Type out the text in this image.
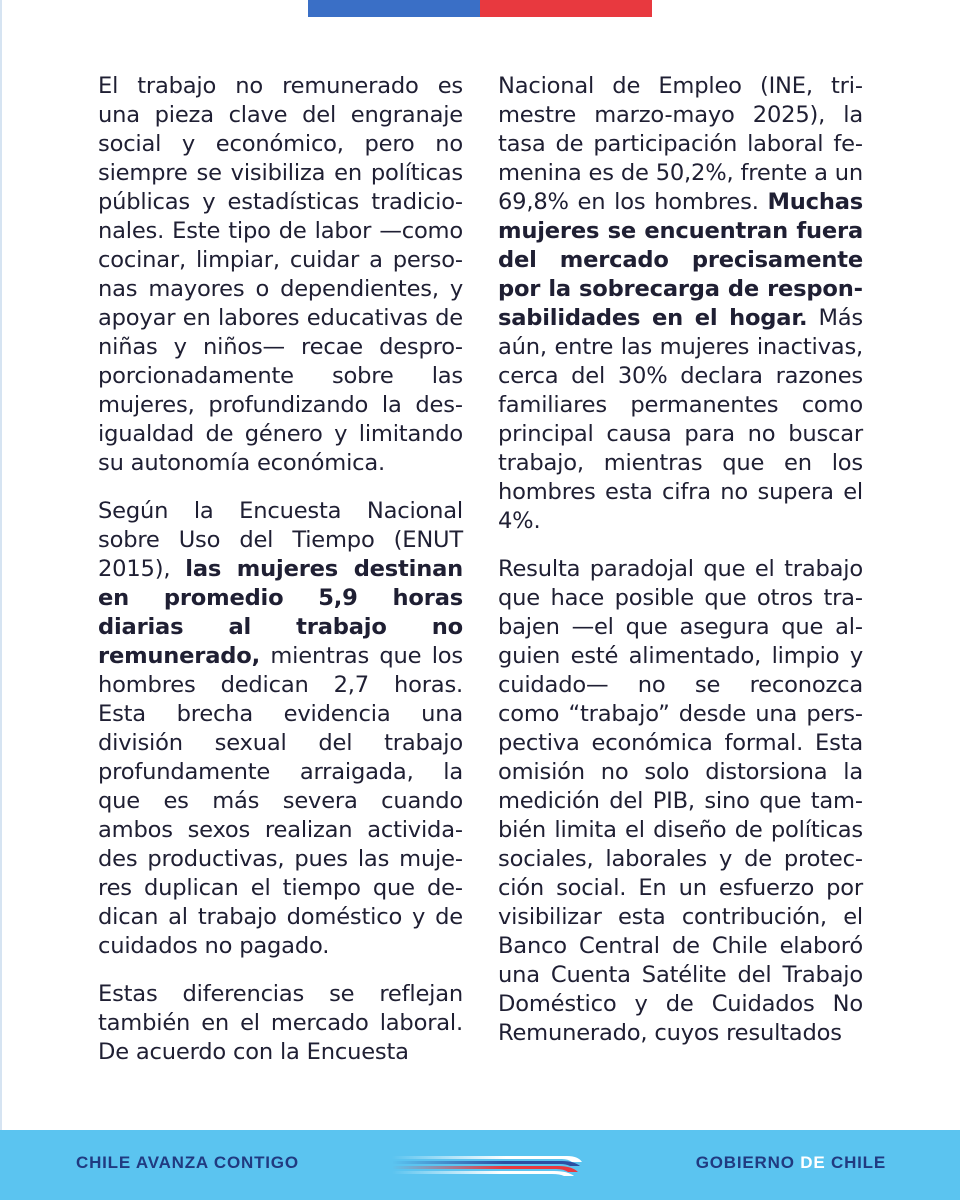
El trabajo no remunerado es una pieza clave del engranaje social y económico, pero no siempre se visibiliza en políticas públicas y estadísticas tradicionales. Este tipo de labor —como cocinar, limpiar, cuidar a personas mayores o dependientes, y apoyar en labores educativas de niñas y niños— recae desproporcionadamente sobre las mujeres, profundizando la desigualdad de género y limitando su autonomía económica.

Según la Encuesta Nacional sobre Uso del Tiempo (ENUT 2015), las mujeres destinan en promedio 5,9 horas diarias al trabajo no remunerado, mientras que los hombres dedican 2,7 horas. Esta brecha evidencia una división sexual del trabajo profundamente arraigada, la que es más severa cuando ambos sexos realizan actividades productivas, pues las mujeres duplican el tiempo que dedican al trabajo doméstico y de cuidados no pagado.

Estas diferencias se reflejan también en el mercado laboral. De acuerdo con la Encuesta

Nacional de Empleo (INE, trimestre marzo-mayo 2025), la tasa de participación laboral femenina es de 50,2%, frente a un 69,8% en los hombres. Muchas mujeres se encuentran fuera del mercado precisamente por la sobrecarga de responsabilidades en el hogar. Más aún, entre las mujeres inactivas, cerca del 30% declara razones familiares permanentes como principal causa para no buscar trabajo, mientras que en los hombres esta cifra no supera el 4%.

Resulta paradojal que el trabajo que hace posible que otros trabajen —el que asegura que alguien esté alimentado, limpio y cuidado— no se reconozca como “trabajo” desde una perspectiva económica formal. Esta omisión no solo distorsiona la medición del PIB, sino que también limita el diseño de políticas sociales, laborales y de protección social. En un esfuerzo por visibilizar esta contribución, el Banco Central de Chile elaboró una Cuenta Satélite del Trabajo Doméstico y de Cuidados No Remunerado, cuyos resultados

CHILE AVANZA CONTIGO	GOBIERNO DE CHILE
